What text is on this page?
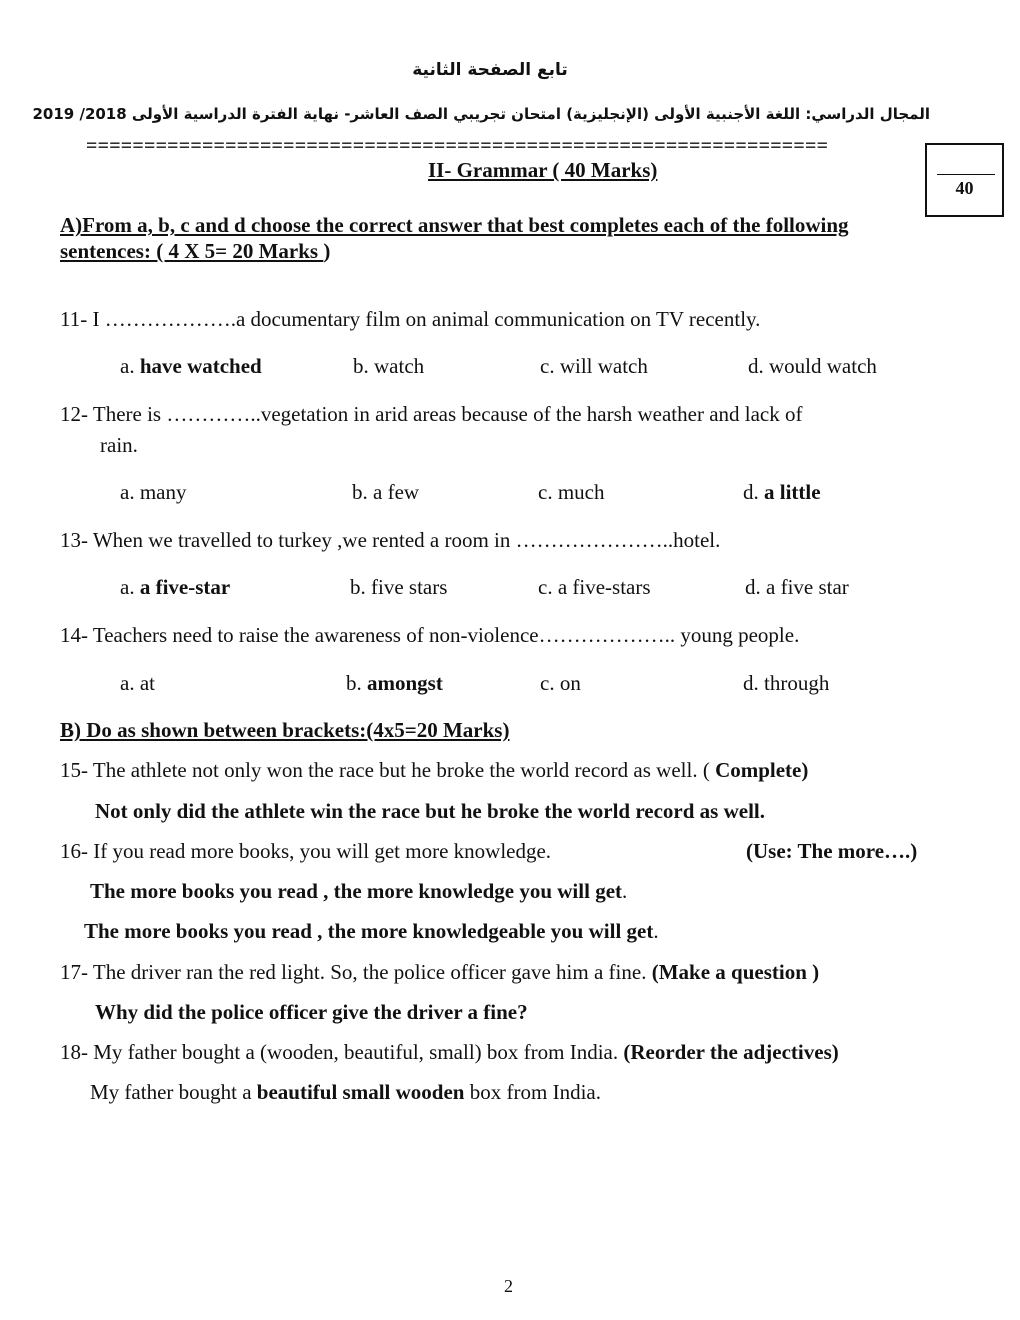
تابع الصفحة الثانية
المجال الدراسي: اللغة الأجنبية الأولى (الإنجليزية) امتحان تجريبي الصف العاشر- نهاية الفترة الدراسية الأولى 2018/ 2019
================================================================
40
II- Grammar ( 40 Marks)
A)From a, b, c and d choose the correct answer that best completes each of the following
sentences: ( 4 X 5= 20 Marks )
11- I ……………….a documentary film on animal communication on TV recently.
a. have watched	b. watch	c. will watch	d. would watch
12- There is …………..vegetation in arid areas because of the harsh weather and lack of
rain.
a. many	b. a few	c. much	d. a little
13- When we travelled to turkey ,we rented a room in …………………..hotel.
a. a five-star	b. five stars	c. a five-stars	d. a five star
14- Teachers need to raise the awareness of non-violence……………….. young people.
a. at	b. amongst	c. on	d. through
B) Do as shown between brackets:(4x5=20 Marks)
15- The athlete not only won the race but he broke the world record as well. ( Complete)
Not only did the athlete win the race but he broke the world record as well.
16- If you read more books, you will get more knowledge.	(Use: The more….)
The more books you read , the more knowledge you will get.
The more books you read , the more knowledgeable you will get.
17- The driver ran the red light. So, the police officer gave him a fine. (Make a question )
Why did the police officer give the driver a fine?
18- My father bought a (wooden, beautiful, small) box from India. (Reorder the adjectives)
My father bought a beautiful small wooden box from India.
2
